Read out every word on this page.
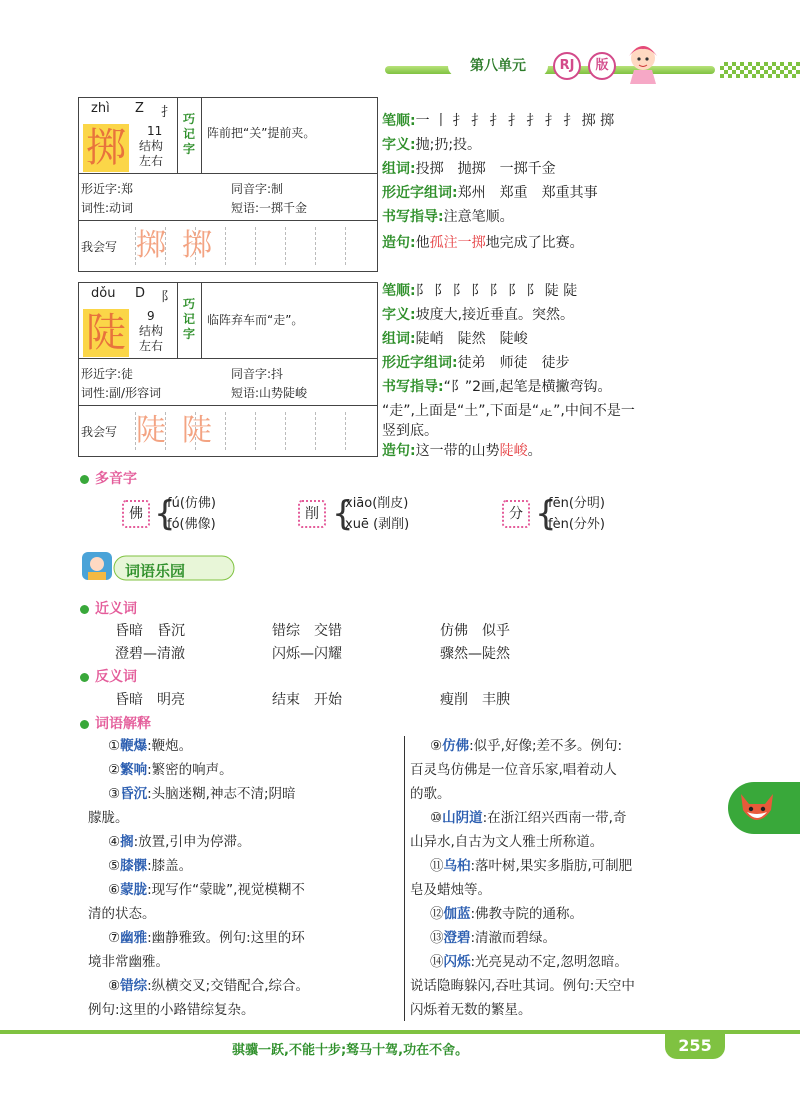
第八单元	RJ	版
zhì Z 扌
掷 11
结构
左右
巧
记
字
阵前把“关”提前夹。
形近字:郑	同音字:制
词性:动词	短语:一掷千金
我会写 掷 掷
笔顺:一 丨 扌 扌 扌 扌 扌 扌 扌 掷 掷
字义:抛;扔;投。
组词:投掷　抛掷　一掷千金
形近字组词:郑州　郑重　郑重其事
书写指导:注意笔顺。
造句:他孤注一掷地完成了比赛。
dǒu D 阝
陡 9
结构
左右
巧
记
字
临阵弃车而“走”。
形近字:徒	同音字:抖
词性:副/形容词	短语:山势陡峻
我会写 陡 陡
笔顺:阝 阝 阝 阝 阝 阝 阝 陡 陡
字义:坡度大,接近垂直。突然。
组词:陡峭　陡然　陡峻
形近字组词:徒弟　师徒　徒步
书写指导:“阝”2画,起笔是横撇弯钩。
“走”,上面是“土”,下面是“龰”,中间不是一
竖到底。
造句:这一带的山势陡峻。
多音字
佛 {
fú(仿佛)
fó(佛像)
削 {
xiāo(削皮)
xuē (剥削)
分 {
fēn(分明)
fèn(分外)
词语乐园
近义词
昏暗　昏沉	错综　交错	仿佛　似乎
澄碧—清澈	闪烁—闪耀	骤然—陡然
反义词
昏暗　明亮	结束　开始	瘦削　丰腴
词语解释
①鞭爆:鞭炮。
②繁响:繁密的响声。
③昏沉:头脑迷糊,神志不清;阴暗
朦胧。
④搁:放置,引申为停滞。
⑤膝髁:膝盖。
⑥蒙胧:现写作“蒙眬”,视觉模糊不
清的状态。
⑦幽雅:幽静雅致。例句:这里的环
境非常幽雅。
⑧错综:纵横交叉;交错配合,综合。
例句:这里的小路错综复杂。
⑨仿佛:似乎,好像;差不多。例句:
百灵鸟仿佛是一位音乐家,唱着动人
的歌。
⑩山阴道:在浙江绍兴西南一带,奇
山异水,自古为文人雅士所称道。
⑪乌桕:落叶树,果实多脂肪,可制肥
皂及蜡烛等。
⑫伽蓝:佛教寺院的通称。
⑬澄碧:清澈而碧绿。
⑭闪烁:光亮晃动不定,忽明忽暗。
说话隐晦躲闪,吞吐其词。例句:天空中
闪烁着无数的繁星。
骐骥一跃,不能十步;驽马十驾,功在不舍。	255
